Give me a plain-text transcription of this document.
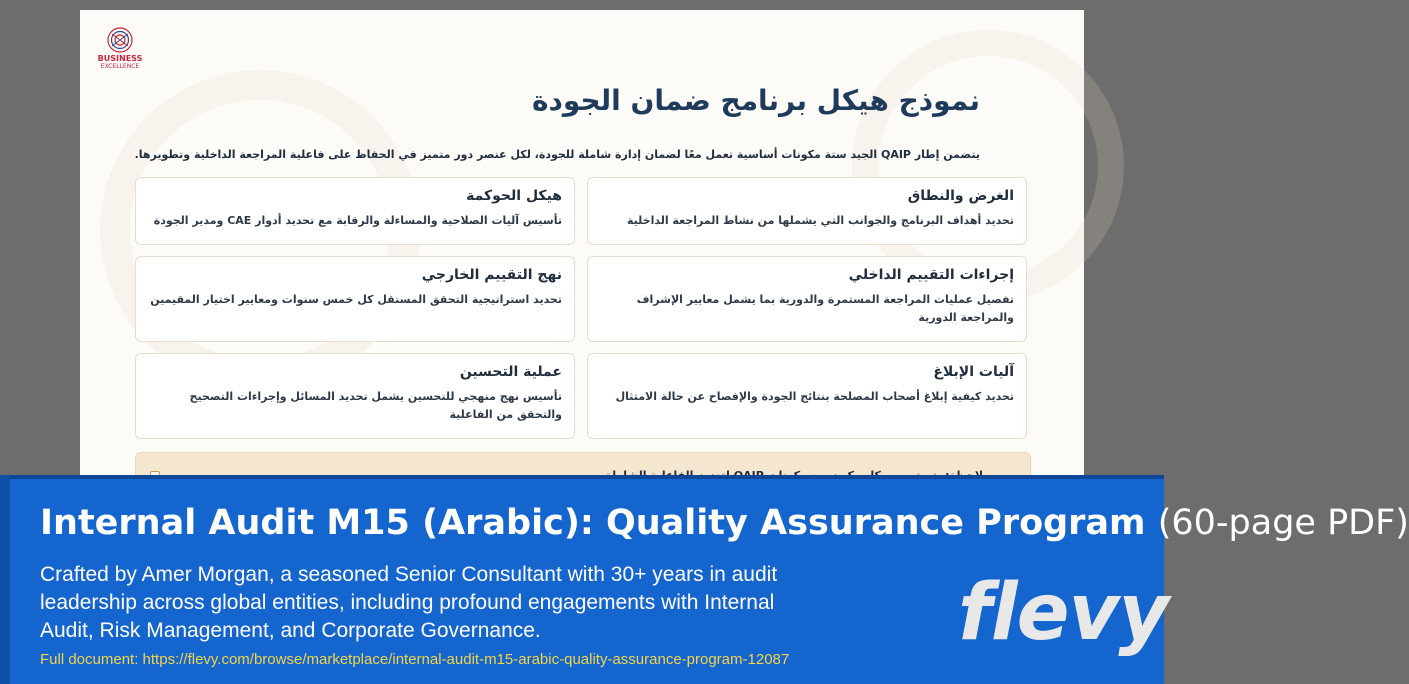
BUSINESS
EXCELLENCE
نموذج هيكل برنامج ضمان الجودة
يتضمن إطار QAIP الجيد ستة مكونات أساسية تعمل معًا لضمان إدارة شاملة للجودة، لكل عنصر دور متميز في الحفاظ على فاعلية المراجعة الداخلية وتطويرها.
الغرض والنطاق

تحديد أهداف البرنامج والجوانب التي يشملها من نشاط المراجعة الداخلية

هيكل الحوكمة

تأسيس آليات الصلاحية والمساءلة والرقابة مع تحديد أدوار CAE ومدير الجودة

إجراءات التقييم الداخلي

تفصيل عمليات المراجعة المستمرة والدورية بما يشمل معايير الإشراف والمراجعة الدورية

نهج التقييم الخارجي

تحديد استراتيجية التحقق المستقل كل خمس سنوات ومعايير اختيار المقيمين

آليات الإبلاغ

تحديد كيفية إبلاغ أصحاب المصلحة بنتائج الجودة والإفصاح عن حالة الامتثال

عملية التحسين

تأسيس نهج منهجي للتحسين يشمل تحديد المسائل وإجراءات التصحيح والتحقق من الفاعلية

Internal Audit M15 (Arabic): Quality Assurance Program (60-page PDF)
Crafted by Amer Morgan, a seasoned Senior Consultant with 30+ years in audit leadership across global entities, including profound engagements with Internal Audit, Risk Management, and Corporate Governance.
Full document: https://flevy.com/browse/marketplace/internal-audit-m15-arabic-quality-assurance-program-12087
flevy
